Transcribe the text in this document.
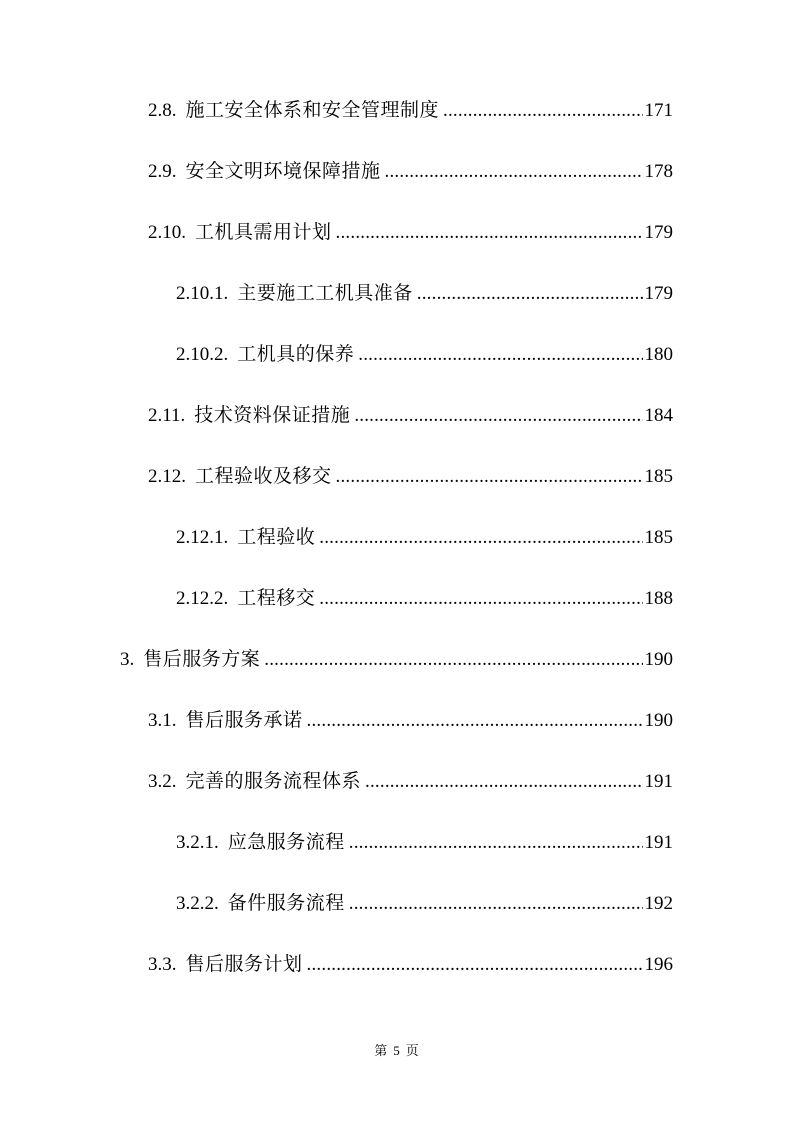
2.8. 施工安全体系和安全管理制度 .....	171
2.9. 安全文明环境保障措施 .....	178
2.10. 工机具需用计划 .....	179
2.10.1. 主要施工工机具准备 .....	179
2.10.2. 工机具的保养 .....	180
2.11. 技术资料保证措施 .....	184
2.12. 工程验收及移交 .....	185
2.12.1. 工程验收 .....	185
2.12.2. 工程移交 .....	188
3. 售后服务方案 .....	190
3.1. 售后服务承诺 .....	190
3.2. 完善的服务流程体系 .....	191
3.2.1. 应急服务流程 .....	191
3.2.2. 备件服务流程 .....	192
3.3. 售后服务计划 .....	196
第 5 页
